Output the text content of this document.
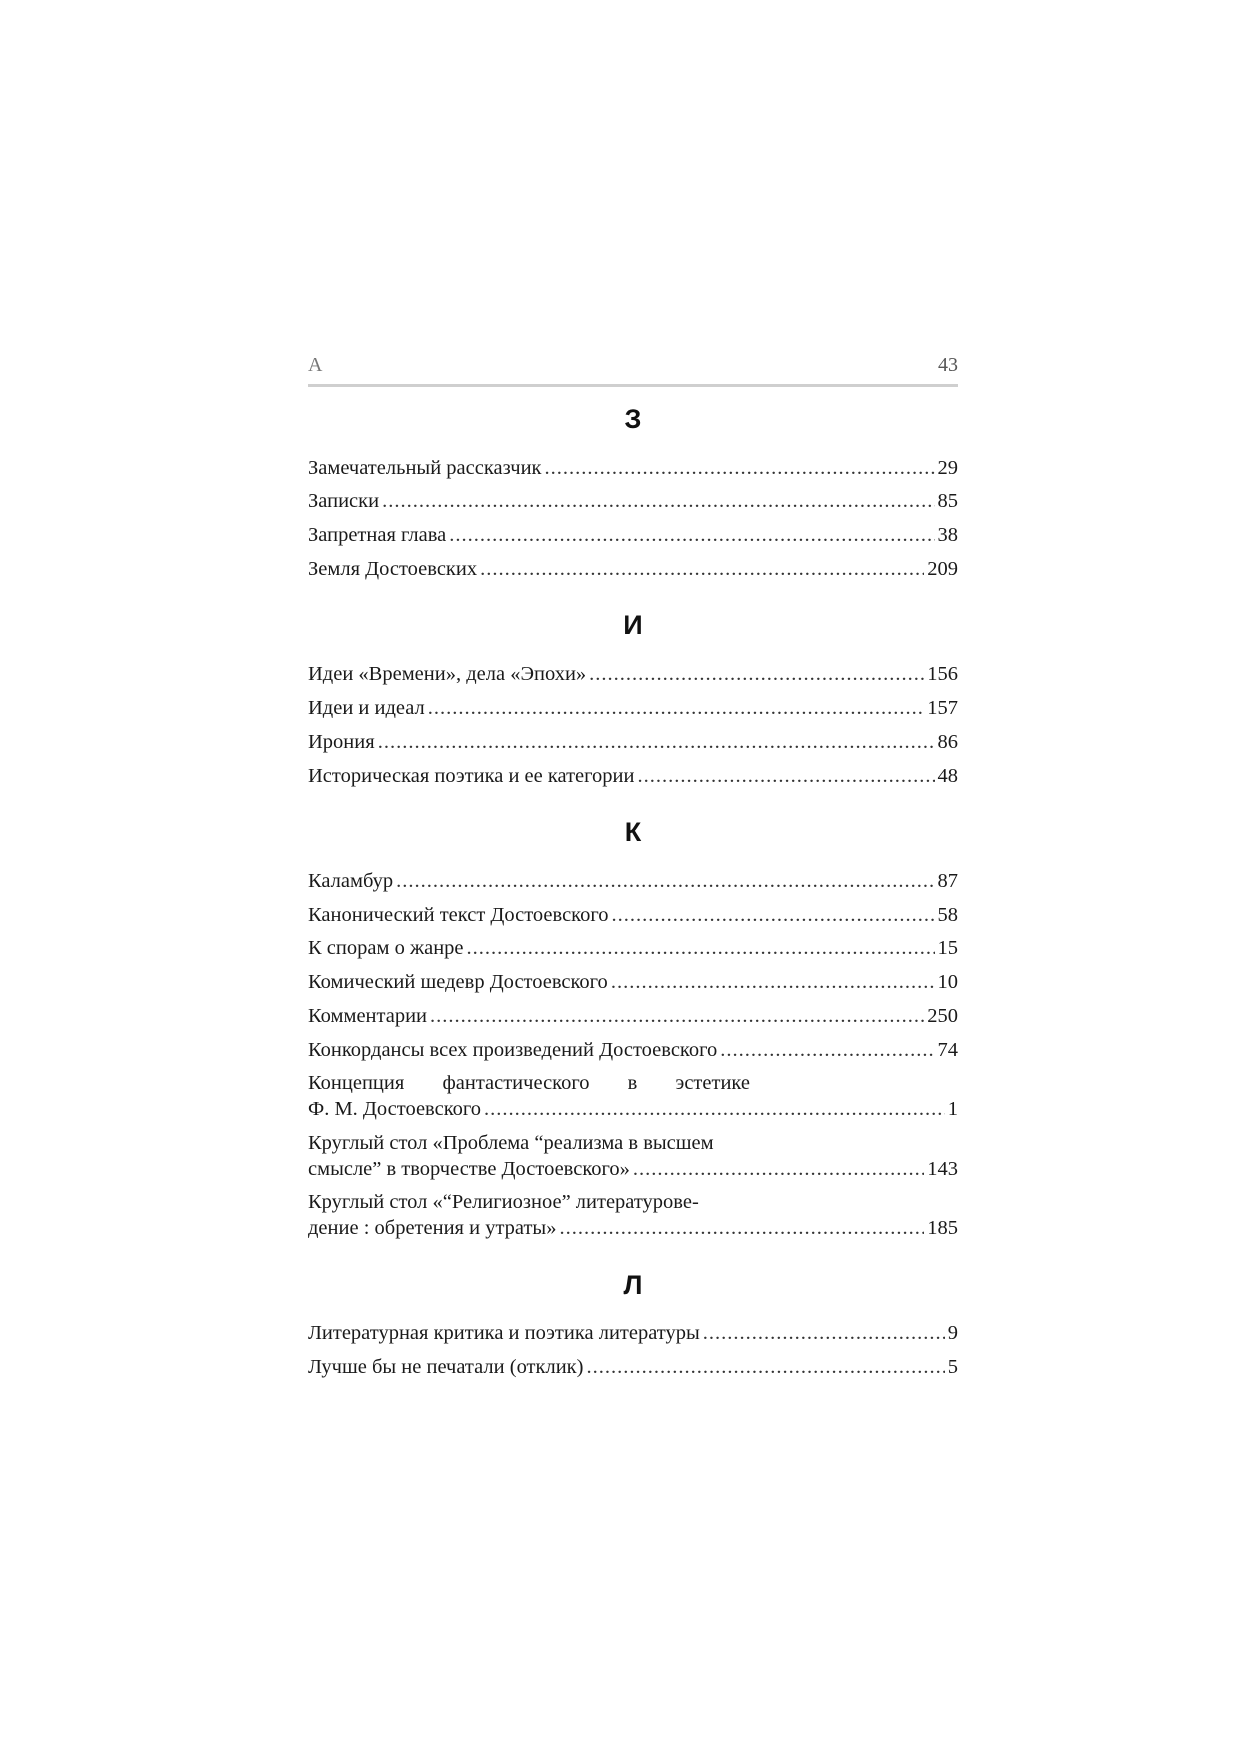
А	43
З
Замечательный рассказчик .....	29
Записки .....	85
Запретная глава .....	38
Земля Достоевских .....	209
И
Идеи «Времени», дела «Эпохи» .....	156
Идеи и идеал .....	157
Ирония .....	86
Историческая поэтика и ее категории .....	48
К
Каламбур .....	87
Канонический текст Достоевского .....	58
К спорам о жанре .....	15
Комический шедевр Достоевского .....	10
Комментарии .....	250
Конкордансы всех произведений Достоевского .....	74
Концепция фантастического в эстетике
Ф. М. Достоевского .....	1
Круглый стол «Проблема “реализма в высшем
смысле” в творчестве Достоевского» .....	143
Круглый стол «“Религиозное” литературове-
дение : обретения и утраты» .....	185
Л
Литературная критика и поэтика литературы .....	9
Лучше бы не печатали (отклик) .....	5
